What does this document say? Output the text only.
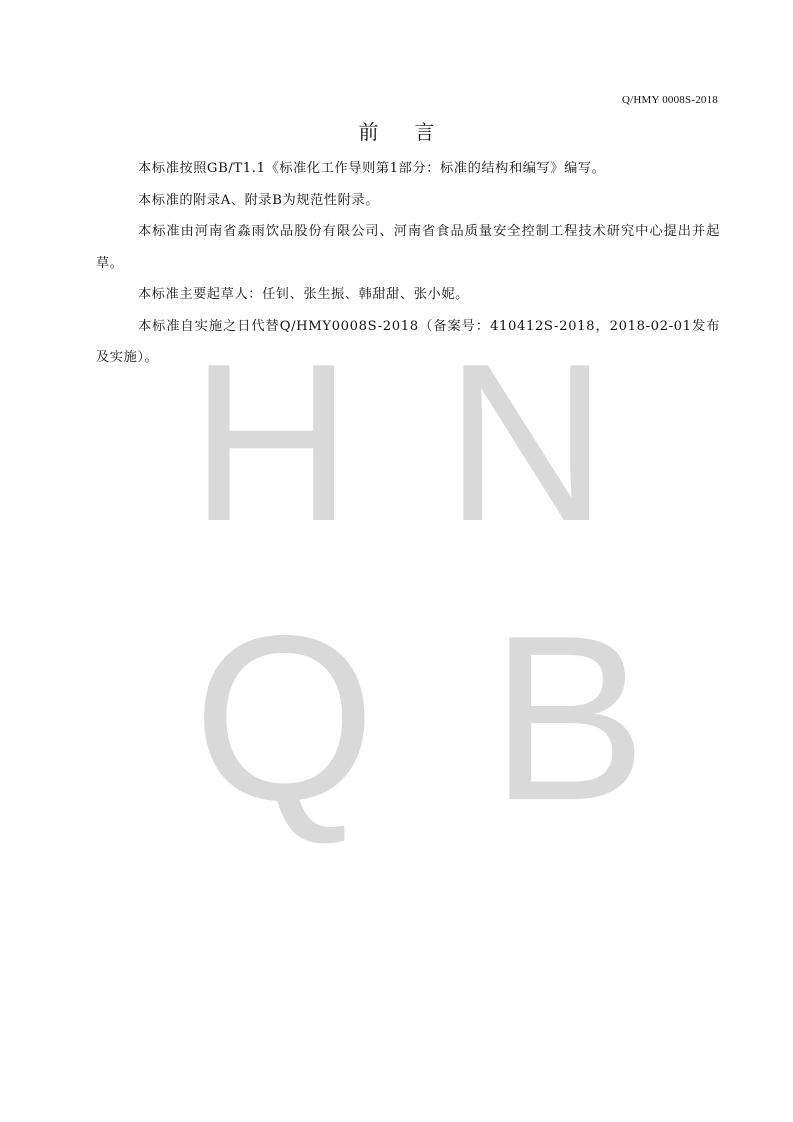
H N
Q B
Q/HMY 0008S-2018
前言

本标准按照GB/T1.1《标准化工作导则第1部分：标准的结构和编写》编写。

本标准的附录A、附录B为规范性附录。

本标准由河南省淼雨饮品股份有限公司、河南省食品质量安全控制工程技术研究中心提出并起草。

本标准主要起草人：任钊、张生振、韩甜甜、张小妮。

本标准自实施之日代替Q/HMY0008S-2018（备案号：410412S-2018，2018-02-01发布及实施）。
